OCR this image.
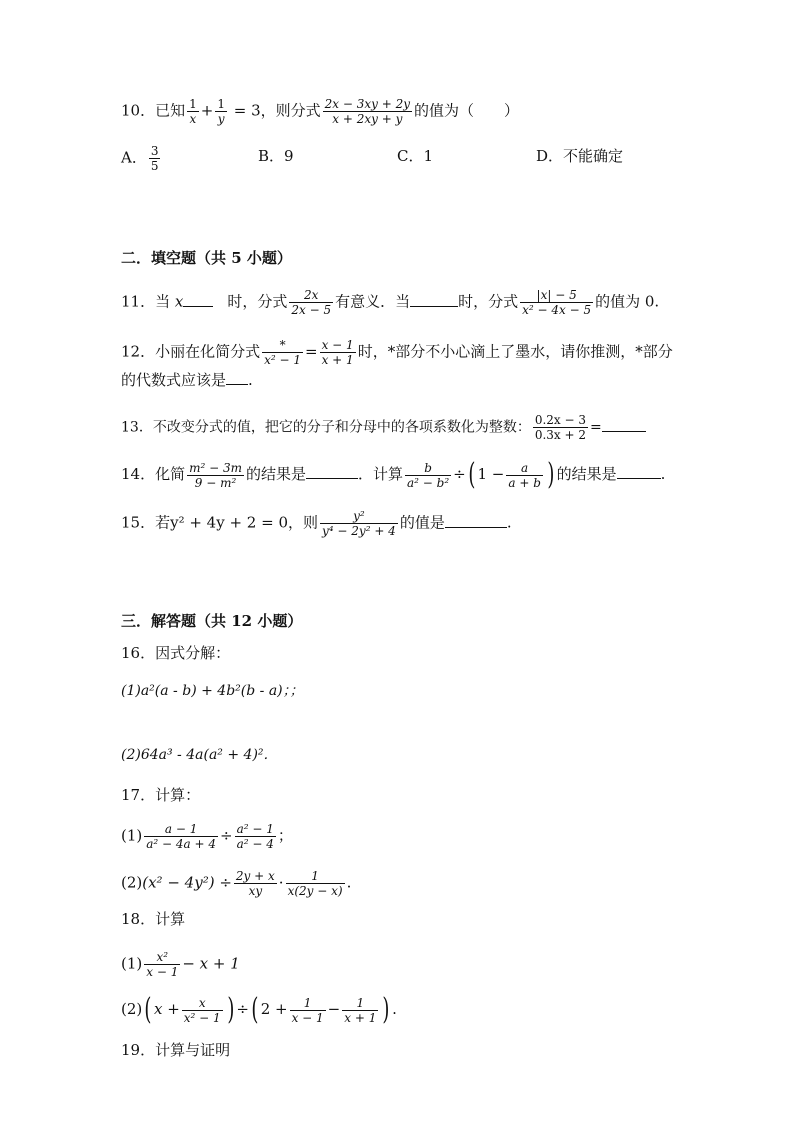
10．已知 $\frac{1}{x} + \frac{1}{y} = 3$，则分式 $\frac{2x - 3xy + 2y}{x + 2xy + y}$ 的值为（　　）
A． $\frac{3}{5}$	B．9	C．1	D．不能确定
二．填空题（共 5 小题）
11．当 x	时，分式 $\frac{2x}{2x - 5}$ 有意义．当	时，分式 $\frac{|x| - 5}{\text{x² − 4x − 5}}$ 的值为 0.
12．小丽在化简分式 $\frac{*}{\text{x² − 1}} = \frac{x - 1}{x + 1}$ 时，*部分不小心滴上了墨水，请你推测，*部分
的代数式应该是 .
13．不改变分式的值，把它的分子和分母中的各项系数化为整数： $\frac{0.2x - 3}{0.3x + 2}$ =
14．化简 $\frac{\text{m² − 3m}}{\text{9 − m²}}$ 的结果是	．计算 $\frac{b}{\text{a² − b²}}$ ÷( $1 - \frac{a}{a + b}$ ) 的结果是	.
15．若y² + 4y + 2 = 0，则 $\frac{\text{y²}}{\text{y⁴ − 2y² + 4}}$ 的值是	.
三．解答题（共 12 小题）
16．因式分解：
(1)a²(a - b) + 4b²(b - a)；；
(2)64a³ - 4a(a² + 4)²．
17．计算：
$(1) \frac{a - 1}{\text{a² − 4a + 4}} \div \frac{\text{a² − 1}}{\text{a² − 4}}$ ；
$(2)(x^2 - 4y^2) \div \frac{2y + x}{xy} \cdot \frac{1}{x(2y - x)}$ .
18．计算
$(1) \frac{\text{x²}}{x - 1} - x + 1$
(2)( $x + \frac{x}{\text{x² − 1}}$ ) ÷( $2 + \frac{1}{x - 1} - \frac{1}{x + 1}$ ) .
19．计算与证明
